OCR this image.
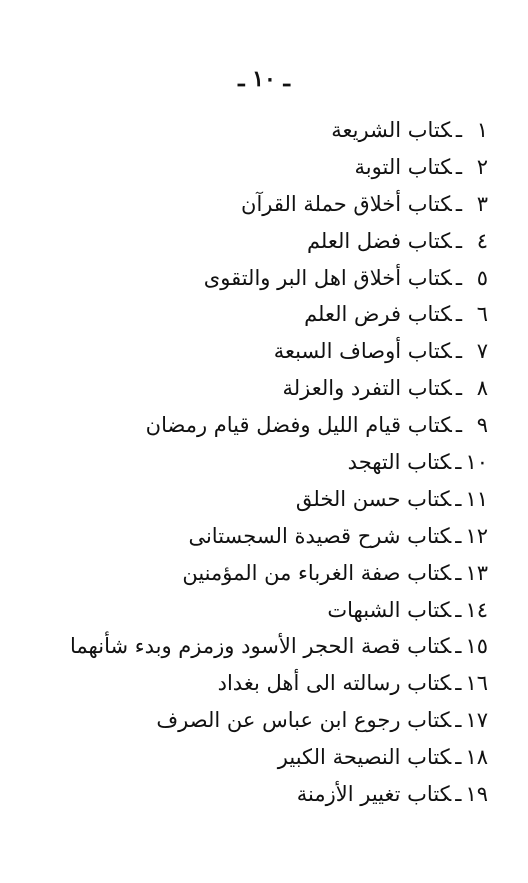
ـ ١٠ ـ
١ـكتاب الشريعة
٢ـكتاب التوبة
٣ـكتاب أخلاق حملة القرآن
٤ـكتاب فضل العلم
٥ـكتاب أخلاق اهل البر والتقوى
٦ـكتاب فرض العلم
٧ـكتاب أوصاف السبعة
٨ـكتاب التفرد والعزلة
٩ـكتاب قيام الليل وفضل قيام رمضان
١٠ـكتاب التهجد
١١ـكتاب حسن الخلق
١٢ـكتاب شرح قصيدة السجستانى
١٣ـكتاب صفة الغرباء من المؤمنين
١٤ـكتاب الشبهات
١٥ـكتاب قصة الحجر الأسود وزمزم وبدء شأنهما
١٦ـكتاب رسالته الى أهل بغداد
١٧ـكتاب رجوع ابن عباس عن الصرف
١٨ـكتاب النصيحة الكبير
١٩ـكتاب تغيير الأزمنة
